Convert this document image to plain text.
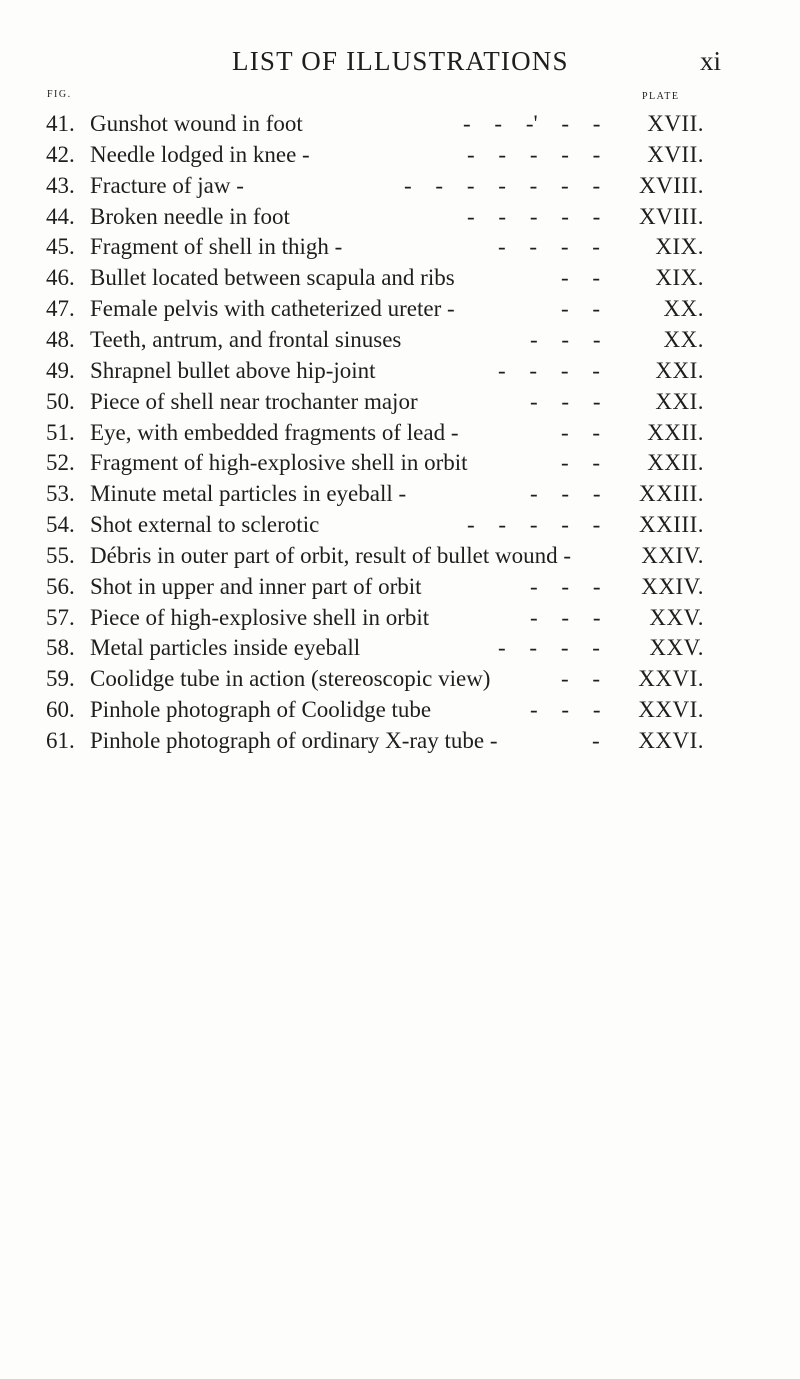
LIST OF ILLUSTRATIONS	xi
FIG.	PLATE
41. Gunshot wound in foot	- - -' - - XVII.
42. Needle lodged in knee -	- - - - - XVII.
43. Fracture of jaw -	- - - - - - - XVIII.
44. Broken needle in foot	- - - - - XVIII.
45. Fragment of shell in thigh -	- - - - XIX.
46. Bullet located between scapula and ribs	- - XIX.
47. Female pelvis with catheterized ureter -	- -	XX.
48. Teeth, antrum, and frontal sinuses	- - -	XX.
49. Shrapnel bullet above hip-joint	- - - - XXI.
50. Piece of shell near trochanter major	- - - XXI.
51. Eye, with embedded fragments of lead -	- - XXII.
52. Fragment of high-explosive shell in orbit	- - XXII.
53. Minute metal particles in eyeball -	- - - XXIII.
54. Shot external to sclerotic	- - - - - XXIII.
55. Débris in outer part of orbit, result of bullet wound -	XXIV.
56. Shot in upper and inner part of orbit	- - - XXIV.
57. Piece of high-explosive shell in orbit	- - - XXV.
58. Metal particles inside eyeball	- - - - XXV.
59. Coolidge tube in action (stereoscopic view)	- - XXVI.
60. Pinhole photograph of Coolidge tube	- - - XXVI.
61. Pinhole photograph of ordinary X-ray tube -	- XXVI.
